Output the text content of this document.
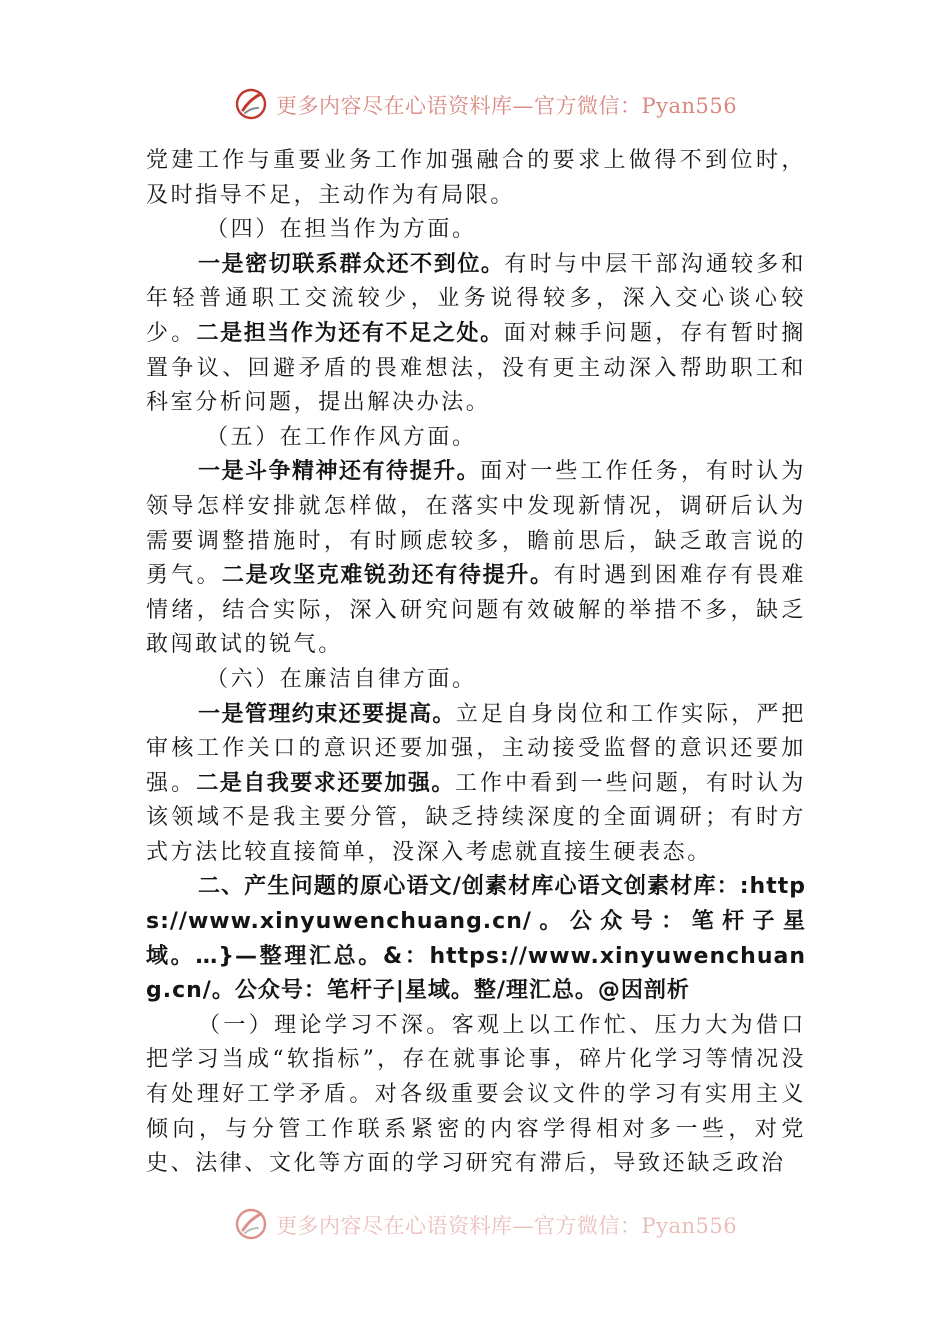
更多内容尽在心语资料库—官方微信：Pyan556

党建工作与重要业务工作加强融合的要求上做得不到位时，及时指导不足，主动作为有局限。

（四）在担当作为方面。

一是密切联系群众还不到位。有时与中层干部沟通较多和年轻普通职工交流较少，业务说得较多，深入交心谈心较少。二是担当作为还有不足之处。面对棘手问题，存有暂时搁置争议、回避矛盾的畏难想法，没有更主动深入帮助职工和科室分析问题，提出解决办法。

（五）在工作作风方面。

一是斗争精神还有待提升。面对一些工作任务，有时认为领导怎样安排就怎样做，在落实中发现新情况，调研后认为需要调整措施时，有时顾虑较多，瞻前思后，缺乏敢言说的勇气。二是攻坚克难锐劲还有待提升。有时遇到困难存有畏难情绪，结合实际，深入研究问题有效破解的举措不多，缺乏敢闯敢试的锐气。

（六）在廉洁自律方面。

一是管理约束还要提高。立足自身岗位和工作实际，严把审核工作关口的意识还要加强，主动接受监督的意识还要加强。二是自我要求还要加强。工作中看到一些问题，有时认为该领域不是我主要分管，缺乏持续深度的全面调研；有时方式方法比较直接简单，没深入考虑就直接生硬表态。

二、产生问题的原心语文/创素材库心语文创素材库：:https://www.xinyuwenchuang.cn/。公众号：笔杆子星域。…}—整理汇总。&：https://www.xinyuwenchuang.cn/。公众号：笔杆子|星域。整/理汇总。@因剖析

（一）理论学习不深。客观上以工作忙、压力大为借口把学习当成“软指标”，存在就事论事，碎片化学习等情况没有处理好工学矛盾。对各级重要会议文件的学习有实用主义倾向，与分管工作联系紧密的内容学得相对多一些，对党史、法律、文化等方面的学习研究有滞后，导致还缺乏政治

更多内容尽在心语资料库—官方微信：Pyan556
